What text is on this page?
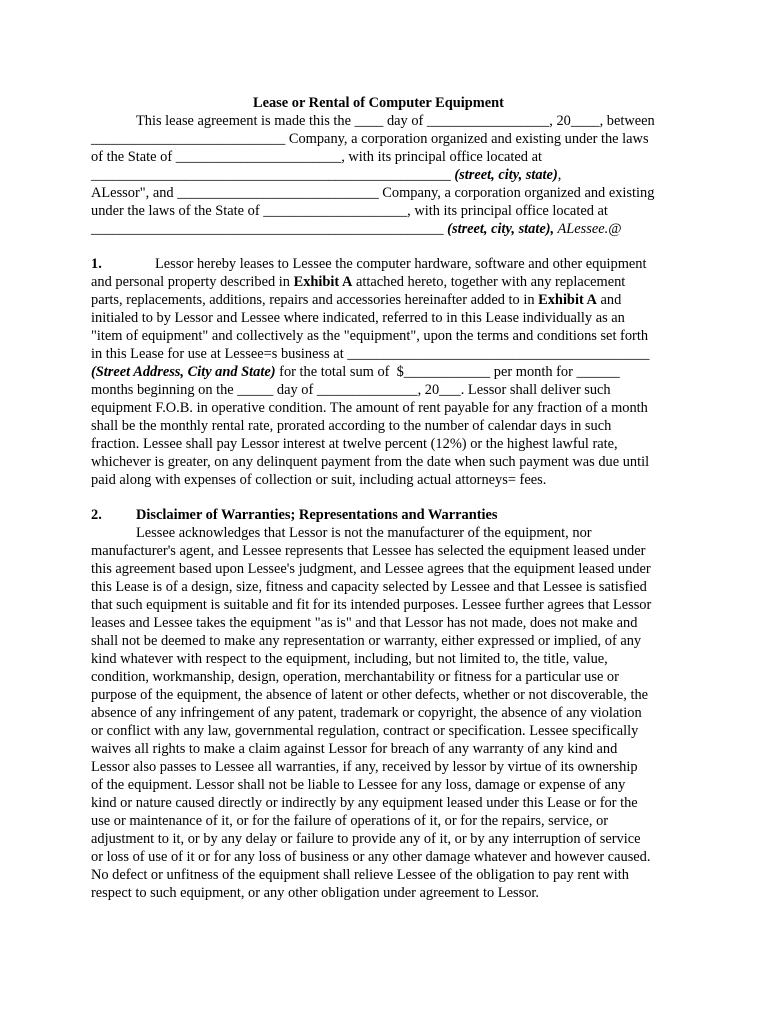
Lease or Rental of Computer Equipment
This lease agreement is made this the ____ day of _________________, 20____, between
___________________________ Company, a corporation organized and existing under the laws
of the State of _______________________, with its principal office located at
__________________________________________________ (street, city, state),
ALessor", and ____________________________ Company, a corporation organized and existing
under the laws of the State of ____________________, with its principal office located at
_________________________________________________ (street, city, state), ALessee.@
1.	Lessor hereby leases to Lessee the computer hardware, software and other equipment
and personal property described in Exhibit A attached hereto, together with any replacement
parts, replacements, additions, repairs and accessories hereinafter added to in Exhibit A and
initialed to by Lessor and Lessee where indicated, referred to in this Lease individually as an
"item of equipment" and collectively as the "equipment", upon the terms and conditions set forth
in this Lease for use at Lessee=s business at __________________________________________
(Street Address, City and State) for the total sum of  $____________ per month for ______
months beginning on the _____ day of ______________, 20___. Lessor shall deliver such
equipment F.O.B. in operative condition. The amount of rent payable for any fraction of a month
shall be the monthly rental rate, prorated according to the number of calendar days in such
fraction. Lessee shall pay Lessor interest at twelve percent (12%) or the highest lawful rate,
whichever is greater, on any delinquent payment from the date when such payment was due until
paid along with expenses of collection or suit, including actual attorneys= fees.
2. Disclaimer of Warranties; Representations and Warranties
Lessee acknowledges that Lessor is not the manufacturer of the equipment, nor
manufacturer's agent, and Lessee represents that Lessee has selected the equipment leased under
this agreement based upon Lessee's judgment, and Lessee agrees that the equipment leased under
this Lease is of a design, size, fitness and capacity selected by Lessee and that Lessee is satisfied
that such equipment is suitable and fit for its intended purposes. Lessee further agrees that Lessor
leases and Lessee takes the equipment "as is" and that Lessor has not made, does not make and
shall not be deemed to make any representation or warranty, either expressed or implied, of any
kind whatever with respect to the equipment, including, but not limited to, the title, value,
condition, workmanship, design, operation, merchantability or fitness for a particular use or
purpose of the equipment, the absence of latent or other defects, whether or not discoverable, the
absence of any infringement of any patent, trademark or copyright, the absence of any violation
or conflict with any law, governmental regulation, contract or specification. Lessee specifically
waives all rights to make a claim against Lessor for breach of any warranty of any kind and
Lessor also passes to Lessee all warranties, if any, received by lessor by virtue of its ownership
of the equipment. Lessor shall not be liable to Lessee for any loss, damage or expense of any
kind or nature caused directly or indirectly by any equipment leased under this Lease or for the
use or maintenance of it, or for the failure of operations of it, or for the repairs, service, or
adjustment to it, or by any delay or failure to provide any of it, or by any interruption of service
or loss of use of it or for any loss of business or any other damage whatever and however caused.
No defect or unfitness of the equipment shall relieve Lessee of the obligation to pay rent with
respect to such equipment, or any other obligation under agreement to Lessor.
